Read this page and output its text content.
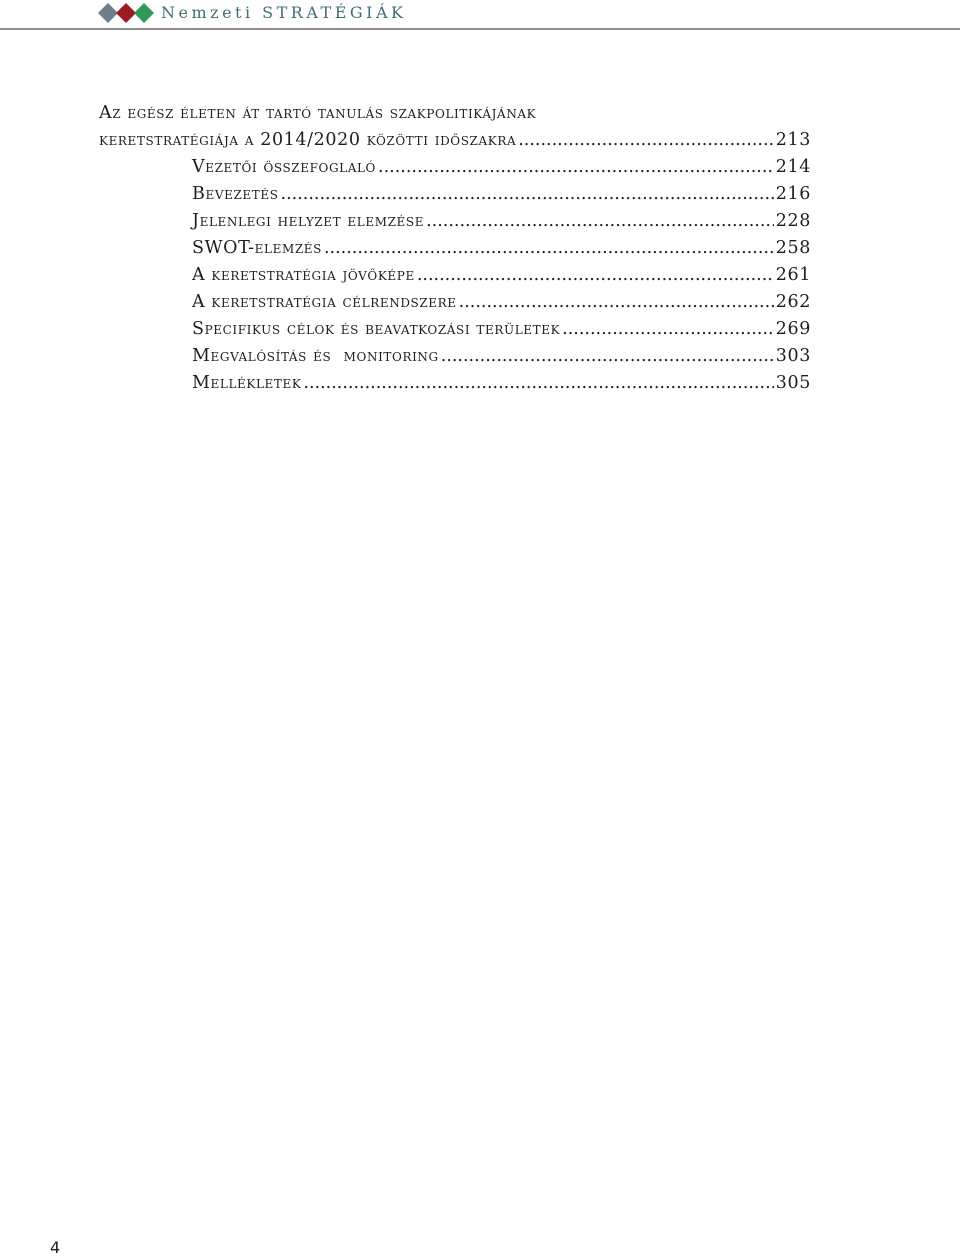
Nemzeti STRATÉGIÁK
Az egész életen át tartó tanulás szakpolitikájának
keretstratégiája a 2014/2020 közötti időszakra .....	213
Vezetői összefoglaló .....	214
Bevezetés .....	216
Jelenlegi helyzet elemzése .....	228
SWOT-elemzés .....	258
A keretstratégia jövőképe .....	261
A keretstratégia célrendszere .....	262
Specifikus célok és beavatkozási területek .....	269
Megvalósítás és  monitoring .....	303
Mellékletek .....	305
4
